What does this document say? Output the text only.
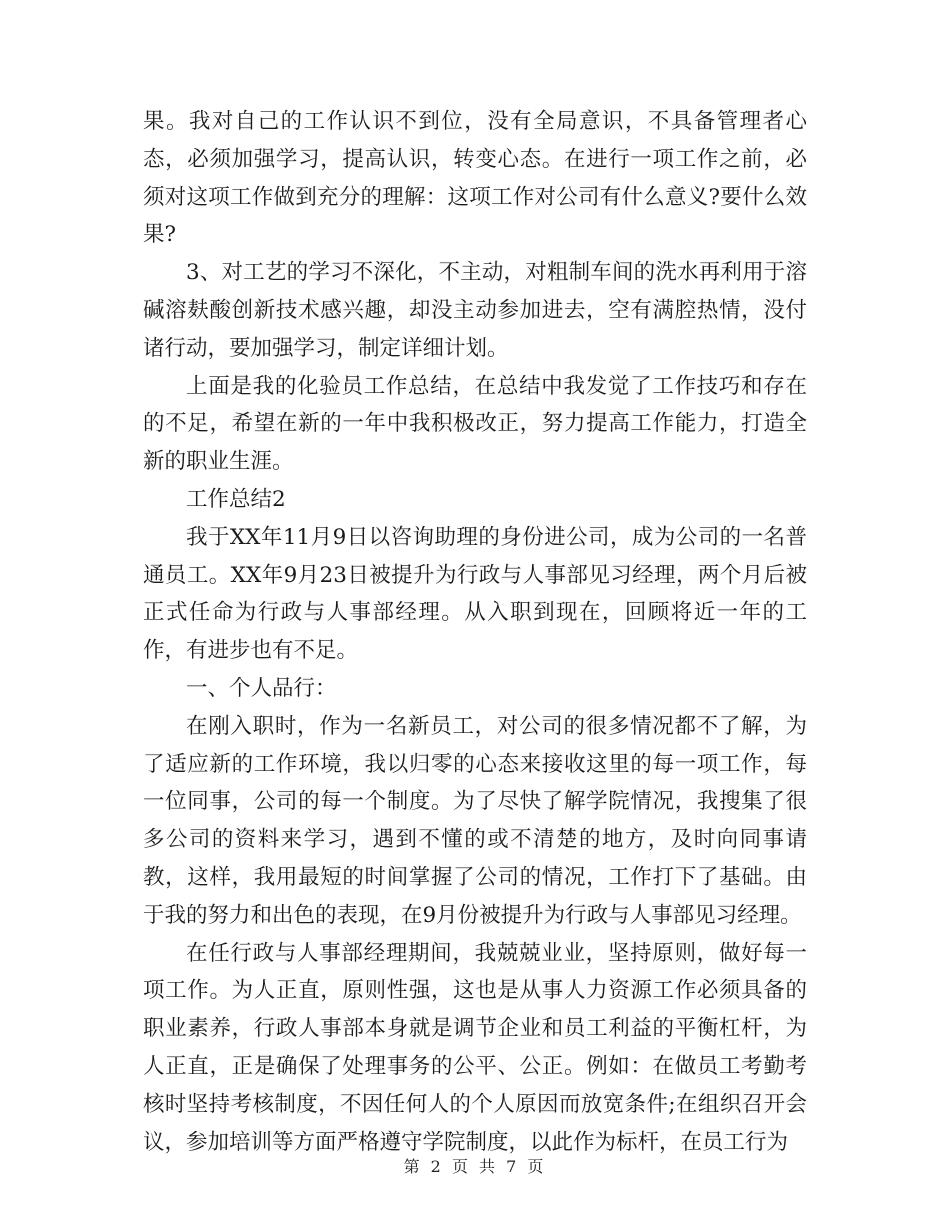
果。我对自己的工作认识不到位，没有全局意识，不具备管理者心态，必须加强学习，提高认识，转变心态。在进行一项工作之前，必须对这项工作做到充分的理解：这项工作对公司有什么意义?要什么效果?

3、对工艺的学习不深化，不主动，对粗制车间的洗水再利用于溶碱溶麸酸创新技术感兴趣，却没主动参加进去，空有满腔热情，没付诸行动，要加强学习，制定详细计划。

上面是我的化验员工作总结，在总结中我发觉了工作技巧和存在的不足，希望在新的一年中我积极改正，努力提高工作能力，打造全新的职业生涯。

工作总结2

我于XX年11月9日以咨询助理的身份进公司，成为公司的一名普通员工。XX年9月23日被提升为行政与人事部见习经理，两个月后被正式任命为行政与人事部经理。从入职到现在，回顾将近一年的工作，有进步也有不足。

一、个人品行：

在刚入职时，作为一名新员工，对公司的很多情况都不了解，为了适应新的工作环境，我以归零的心态来接收这里的每一项工作，每一位同事，公司的每一个制度。为了尽快了解学院情况，我搜集了很多公司的资料来学习，遇到不懂的或不清楚的地方，及时向同事请教，这样，我用最短的时间掌握了公司的情况，工作打下了基础。由于我的努力和出色的表现，在9月份被提升为行政与人事部见习经理。

在任行政与人事部经理期间，我兢兢业业，坚持原则，做好每一项工作。为人正直，原则性强，这也是从事人力资源工作必须具备的职业素养，行政人事部本身就是调节企业和员工利益的平衡杠杆，为人正直，正是确保了处理事务的公平、公正。例如：在做员工考勤考核时坚持考核制度，不因任何人的个人原因而放宽条件;在组织召开会议，参加培训等方面严格遵守学院制度，以此作为标杆，在员工行为

第 2 页 共 7 页
